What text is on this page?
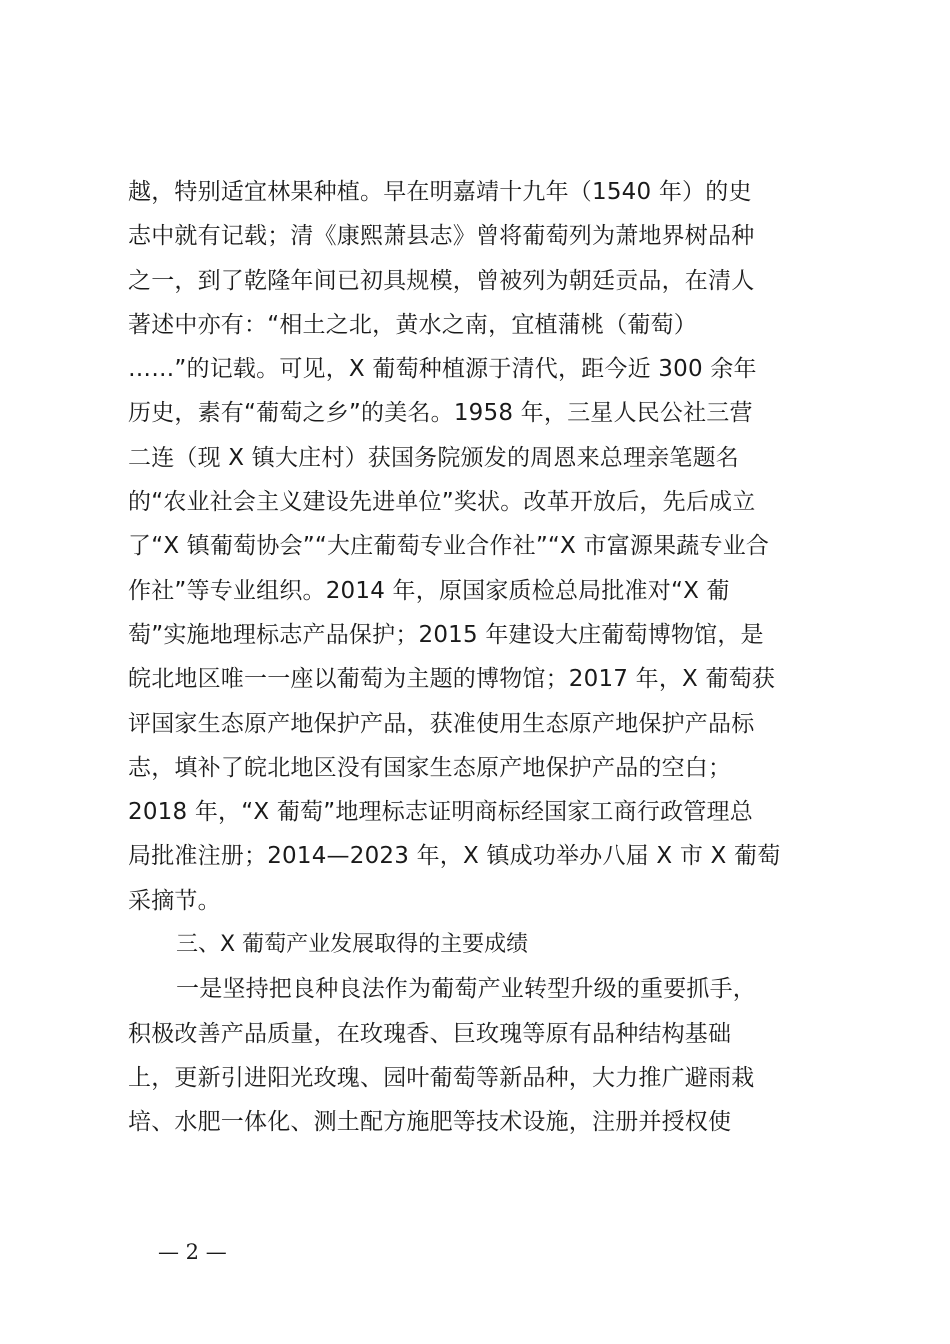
越，特别适宜林果种植。早在明嘉靖十九年（1540 年）的史
志中就有记载；清《康熙萧县志》曾将葡萄列为萧地界树品种
之一，到了乾隆年间已初具规模，曾被列为朝廷贡品，在清人
著述中亦有：“相土之北，黄水之南，宜植蒲桃（葡萄）
……”的记载。可见，X 葡萄种植源于清代，距今近 300 余年
历史，素有“葡萄之乡”的美名。1958 年，三星人民公社三营
二连（现 X 镇大庄村）获国务院颁发的周恩来总理亲笔题名
的“农业社会主义建设先进单位”奖状。改革开放后，先后成立
了“X 镇葡萄协会”“大庄葡萄专业合作社”“X 市富源果蔬专业合
作社”等专业组织。2014 年，原国家质检总局批准对“X 葡
萄”实施地理标志产品保护；2015 年建设大庄葡萄博物馆，是
皖北地区唯一一座以葡萄为主题的博物馆；2017 年，X 葡萄获
评国家生态原产地保护产品，获准使用生态原产地保护产品标
志，填补了皖北地区没有国家生态原产地保护产品的空白；
2018 年，“X 葡萄”地理标志证明商标经国家工商行政管理总
局批准注册；2014—2023 年，X 镇成功举办八届 X 市 X 葡萄
采摘节。
三、X 葡萄产业发展取得的主要成绩
一是坚持把良种良法作为葡萄产业转型升级的重要抓手，
积极改善产品质量，在玫瑰香、巨玫瑰等原有品种结构基础
上，更新引进阳光玫瑰、园叶葡萄等新品种，大力推广避雨栽
培、水肥一体化、测土配方施肥等技术设施，注册并授权使
— 2 —
